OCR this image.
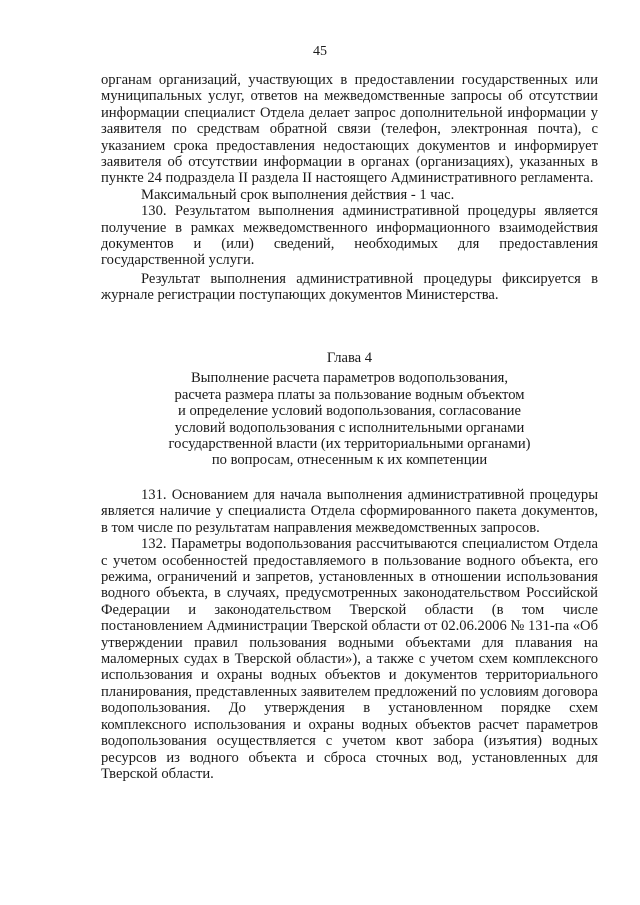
45

органам организаций, участвующих в предоставлении государственных или муниципальных услуг, ответов на межведомственные запросы об отсутствии информации специалист Отдела делает запрос дополнительной информации у заявителя по средствам обратной связи (телефон, электронная почта), с указанием срока предоставления недостающих документов и информирует заявителя об отсутствии информации в органах (организациях), указанных в пункте 24 подраздела II раздела II настоящего Административного регламента.

Максимальный срок выполнения действия - 1 час.

130. Результатом выполнения административной процедуры является получение в рамках межведомственного информационного взаимодействия документов и (или) сведений, необходимых для предоставления государственной услуги.

Результат выполнения административной процедуры фиксируется в журнале регистрации поступающих документов Министерства.

Глава 4
Выполнение расчета параметров водопользования,
расчета размера платы за пользование водным объектом
и определение условий водопользования, согласование
условий водопользования с исполнительными органами
государственной власти (их территориальными органами)
по вопросам, отнесенным к их компетенции

131. Основанием для начала выполнения административной процедуры является наличие у специалиста Отдела сформированного пакета документов, в том числе по результатам направления межведомственных запросов.

132. Параметры водопользования рассчитываются специалистом Отдела с учетом особенностей предоставляемого в пользование водного объекта, его режима, ограничений и запретов, установленных в отношении использования водного объекта, в случаях, предусмотренных законодательством Российской Федерации и законодательством Тверской области (в том числе постановлением Администрации Тверской области от 02.06.2006 № 131-па «Об утверждении правил пользования водными объектами для плавания на маломерных судах в Тверской области»), а также с учетом схем комплексного использования и охраны водных объектов и документов территориального планирования, представленных заявителем предложений по условиям договора водопользования. До утверждения в установленном порядке схем комплексного использования и охраны водных объектов расчет параметров водопользования осуществляется с учетом квот забора (изъятия) водных ресурсов из водного объекта и сброса сточных вод, установленных для Тверской области.
